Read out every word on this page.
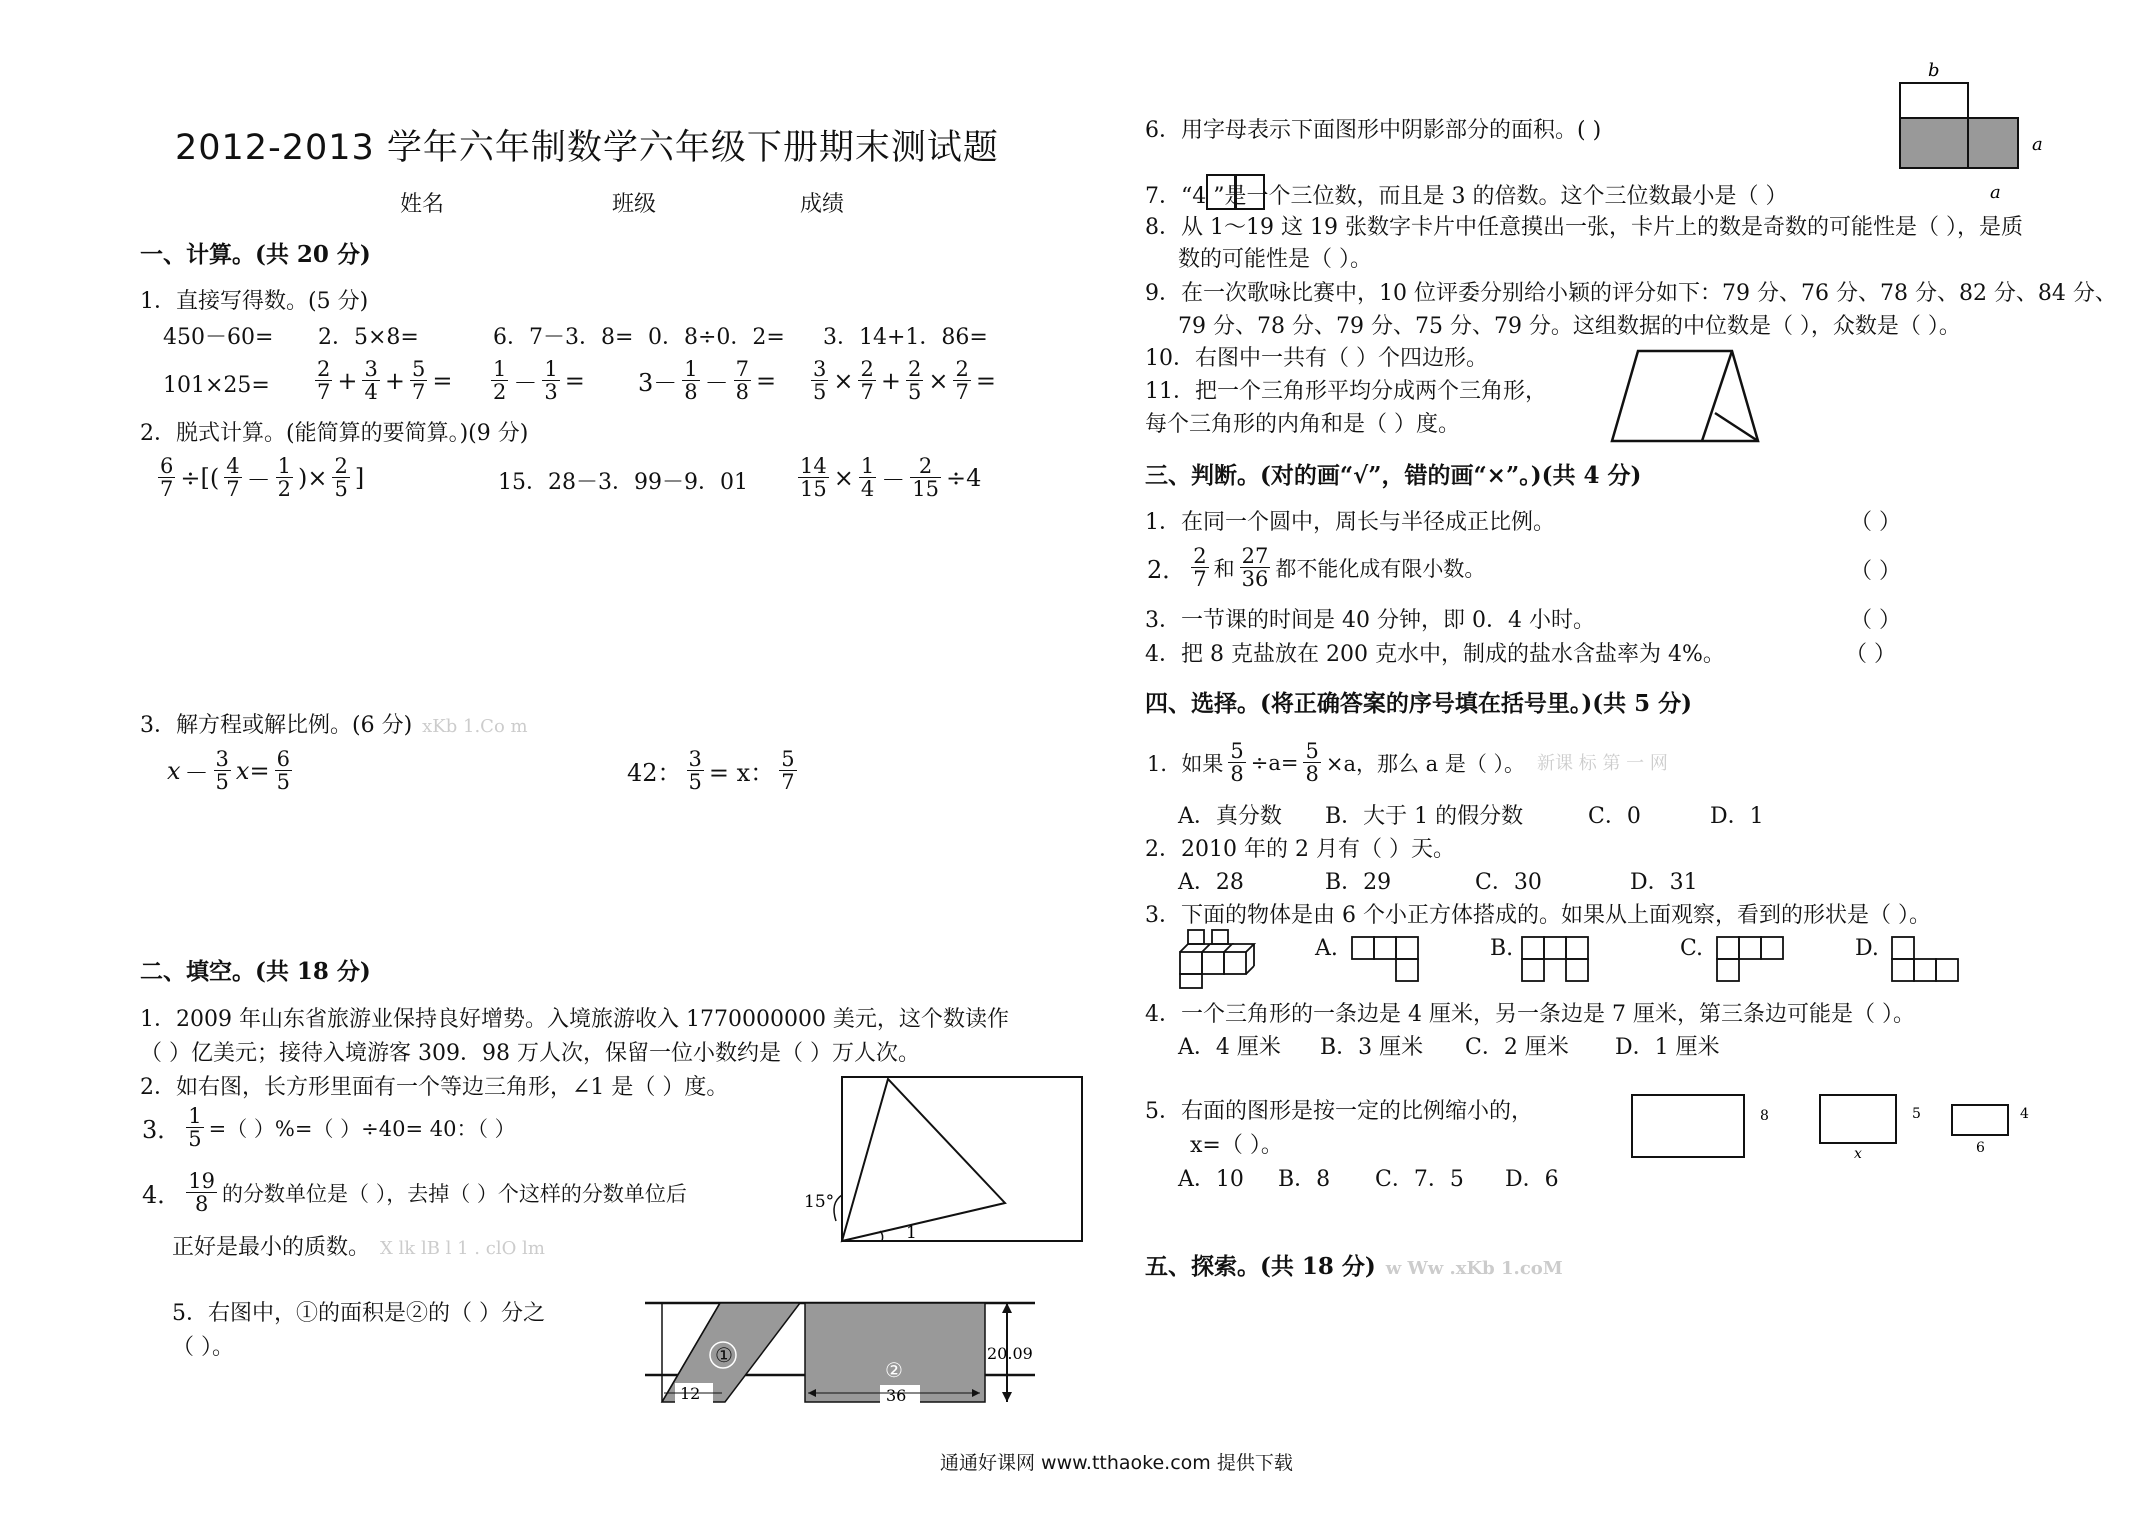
2012-2013 学年六年制数学六年级下册期末测试题
姓名	班级	成绩
一、计算。(共 20 分)
1．直接写得数。(5 分)
450－60= 2．5×8=	6．7－3．8= 0．8÷0．2= 3．14+1．86=
$101\times 25= \frac{2}{7} + \frac{3}{4} + \frac{5}{7} = \frac{1}{2} - \frac{1}{3} = 3- \frac{1}{8} - \frac{7}{8} = \frac{3}{5} \times \frac{2}{7} + \frac{2}{5} \times \frac{2}{7}$ =
2．脱式计算。(能简算的要简算。)(9 分)
$\frac{6}{7}$ ÷[( $\frac{4}{7} - \frac{1}{2}$ )× $\frac{2}{5}$ ]	15．28－3．99－9．$01 \frac{14}{15} \times \frac{1}{4} - \frac{2}{15} \div 4$
3．解方程或解比例。(6 分) xKb 1.Co m
$x - \frac{3}{5} x= \frac{6}{5}$	42： $\frac{3}{5} = x$： $\frac{5}{7}$
二、填空。(共 18 分)
1．2009 年山东省旅游业保持良好增势。入境旅游收入 1770000000 美元，这个数读作
（ ）亿美元；接待入境游客 309．98 万人次，保留一位小数约是（ ）万人次。
2．如右图，长方形里面有一个等边三角形，∠1 是（ ）度。
3． $\frac{1}{5}$ =（ ）%=（ ）÷40= 40：（ ）
4． $\frac{19}{8}$ 的分数单位是（ ），去掉（ ）个这样的分数单位后
正好是最小的质数。 X lk lB l 1 . clO lm
5．右图中，①的面积是②的（ ）分之
（ ）。
15°
1
①
②
12	36
20.09
6．用字母表示下面图形中阴影部分的面积。( )
b
a
a
7．“4 ”是一个三位数，而且是 3 的倍数。这个三位数最小是（ ）
8．从 1～19 这 19 张数字卡片中任意摸出一张，卡片上的数是奇数的可能性是（ ），是质
数的可能性是（ ）。
9．在一次歌咏比赛中，10 位评委分别给小颖的评分如下：79 分、76 分、78 分、82 分、84 分、
79 分、78 分、79 分、75 分、79 分。这组数据的中位数是（ ），众数是（ ）。
10．右图中一共有（ ）个四边形。
11．把一个三角形平均分成两个三角形，
每个三角形的内角和是（ ）度。
三、判断。(对的画“√”，错的画“×”。)(共 4 分)
1．在同一个圆中，周长与半径成正比例。	（ ）
2． $\frac{2}{7}$ 和 $\frac{27}{36}$ 都不能化成有限小数。	（ ）
3．一节课的时间是 40 分钟，即 0．4 小时。	（ ）
4．把 8 克盐放在 200 克水中，制成的盐水含盐率为 4%。	（ ）
四、选择。(将正确答案的序号填在括号里。)(共 5 分)
1．如果 $\frac{5}{8} \div a= \frac{5}{8} \times a$，那么 a 是（ ）。 新课 标 第 一 网
A．真分数 B．大于 1 的假分数	C．0	D．1
2．2010 年的 2 月有（ ）天。
A．28	B．29	C．30	D．31
3．下面的物体是由 6 个小正方体搭成的。如果从上面观察，看到的形状是（ ）。
A.	B.	C.	D.
4．一个三角形的一条边是 4 厘米，另一条边是 7 厘米，第三条边可能是（ ）。
A．4 厘米 B．3 厘米 C．2 厘米 D．1 厘米
5．右面的图形是按一定的比例缩小的，
x=（ ）。
A．10 B．8 C．7．5 D．6
8	5
x
4
6
五、探索。(共 18 分) w Ww .xKb 1.coM
通通好课网 www.tthaoke.com 提供下载
